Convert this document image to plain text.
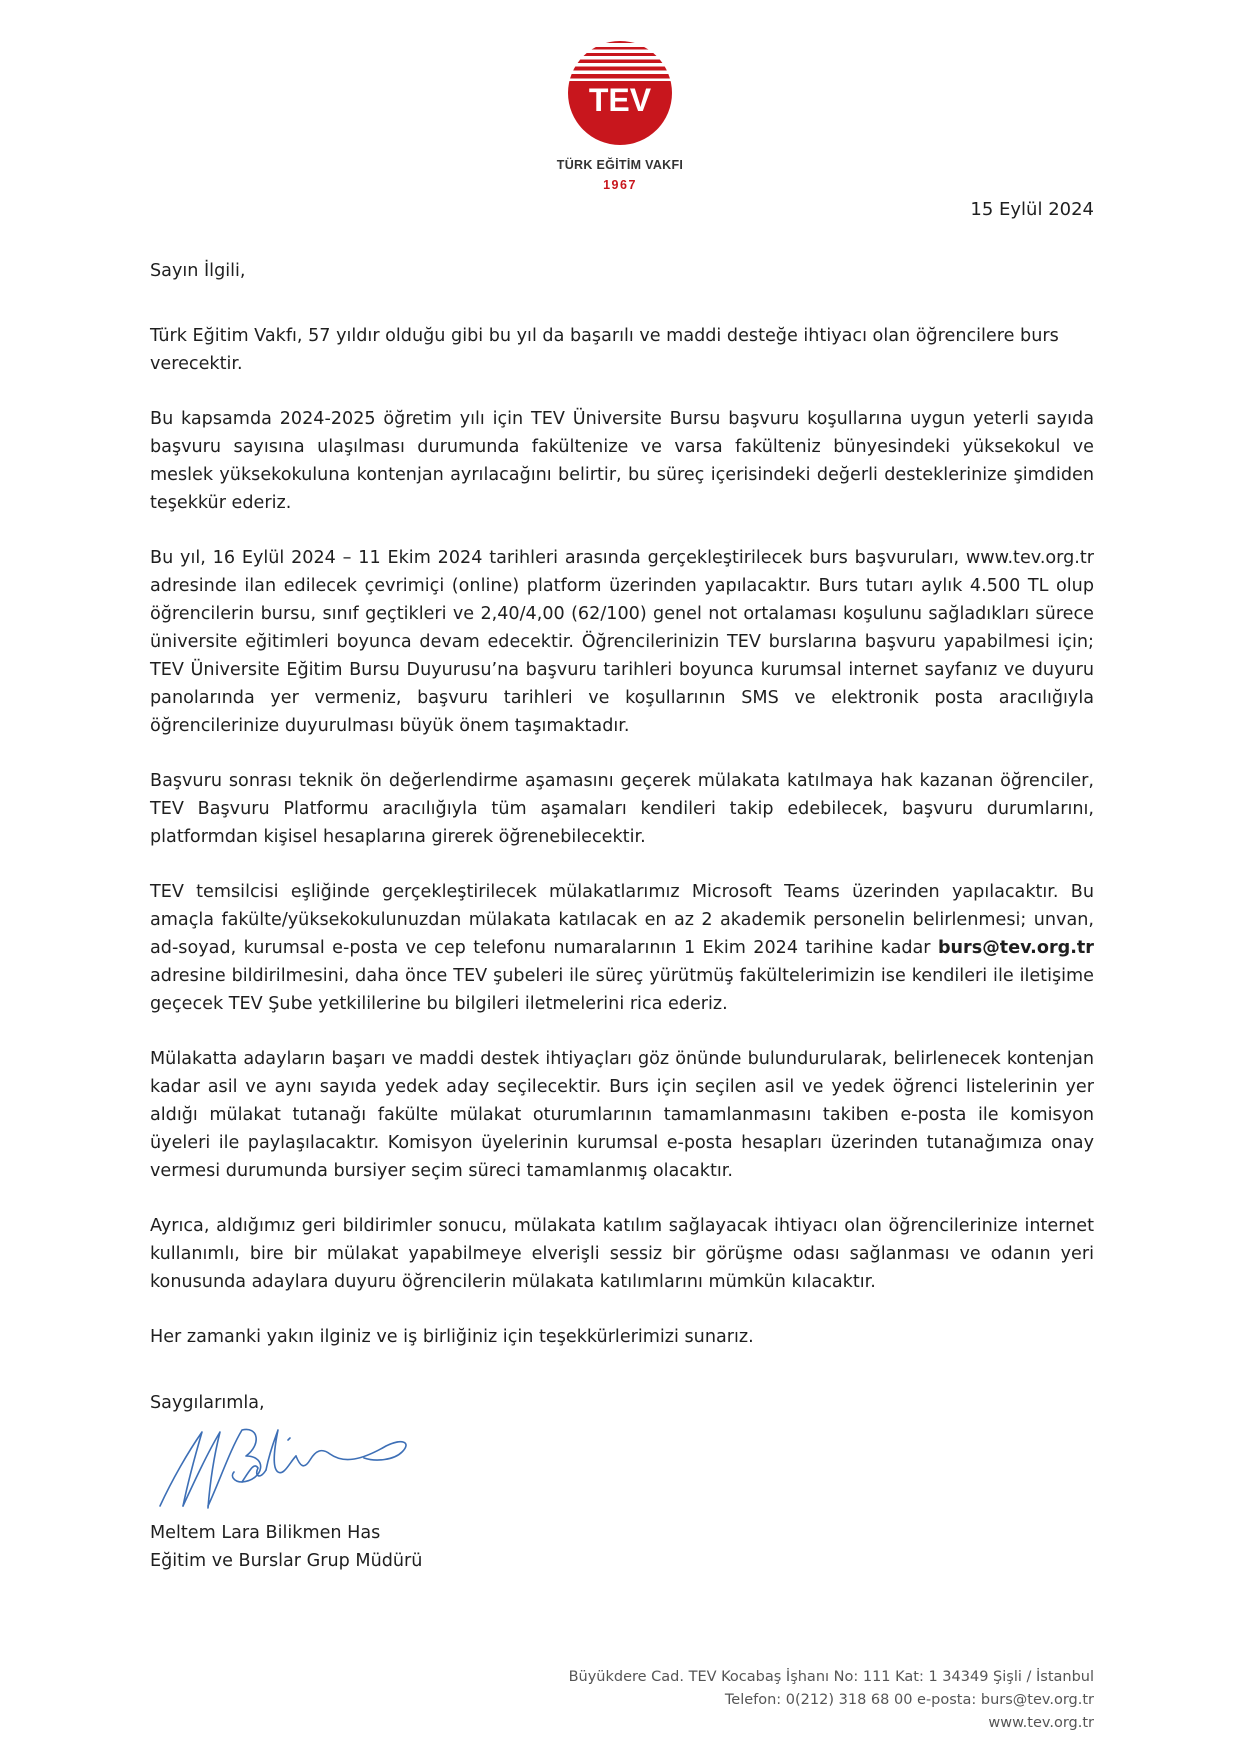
TEV
TÜRK EĞİTİM VAKFI
1967
15 Eylül 2024

Sayın İlgili,

Türk Eğitim Vakfı, 57 yıldır olduğu gibi bu yıl da başarılı ve maddi desteğe ihtiyacı olan öğrencilere burs verecektir.

Bu kapsamda 2024-2025 öğretim yılı için TEV Üniversite Bursu başvuru koşullarına uygun yeterli sayıda başvuru sayısına ulaşılması durumunda fakültenize ve varsa fakülteniz bünyesindeki yüksekokul ve meslek yüksekokuluna kontenjan ayrılacağını belirtir, bu süreç içerisindeki değerli desteklerinize şimdiden teşekkür ederiz.

Bu yıl, 16 Eylül 2024 – 11 Ekim 2024 tarihleri arasında gerçekleştirilecek burs başvuruları, www.tev.org.tr adresinde ilan edilecek çevrimiçi (online) platform üzerinden yapılacaktır. Burs tutarı aylık 4.500 TL olup öğrencilerin bursu, sınıf geçtikleri ve 2,40/4,00 (62/100) genel not ortalaması koşulunu sağladıkları sürece üniversite eğitimleri boyunca devam edecektir. Öğrencilerinizin TEV burslarına başvuru yapabilmesi için; TEV Üniversite Eğitim Bursu Duyurusu’na başvuru tarihleri boyunca kurumsal internet sayfanız ve duyuru panolarında yer vermeniz, başvuru tarihleri ve koşullarının SMS ve elektronik posta aracılığıyla öğrencilerinize duyurulması büyük önem taşımaktadır.

Başvuru sonrası teknik ön değerlendirme aşamasını geçerek mülakata katılmaya hak kazanan öğrenciler, TEV Başvuru Platformu aracılığıyla tüm aşamaları kendileri takip edebilecek, başvuru durumlarını, platformdan kişisel hesaplarına girerek öğrenebilecektir.

TEV temsilcisi eşliğinde gerçekleştirilecek mülakatlarımız Microsoft Teams üzerinden yapılacaktır. Bu amaçla fakülte/yüksekokulunuzdan mülakata katılacak en az 2 akademik personelin belirlenmesi; unvan, ad-soyad, kurumsal e-posta ve cep telefonu numaralarının 1 Ekim 2024 tarihine kadar burs@tev.org.tr adresine bildirilmesini, daha önce TEV şubeleri ile süreç yürütmüş fakültelerimizin ise kendileri ile iletişime geçecek TEV Şube yetkililerine bu bilgileri iletmelerini rica ederiz.

Mülakatta adayların başarı ve maddi destek ihtiyaçları göz önünde bulundurularak, belirlenecek kontenjan kadar asil ve aynı sayıda yedek aday seçilecektir. Burs için seçilen asil ve yedek öğrenci listelerinin yer aldığı mülakat tutanağı fakülte mülakat oturumlarının tamamlanmasını takiben e-posta ile komisyon üyeleri ile paylaşılacaktır. Komisyon üyelerinin kurumsal e-posta hesapları üzerinden tutanağımıza onay vermesi durumunda bursiyer seçim süreci tamamlanmış olacaktır.

Ayrıca, aldığımız geri bildirimler sonucu, mülakata katılım sağlayacak ihtiyacı olan öğrencilerinize internet kullanımlı, bire bir mülakat yapabilmeye elverişli sessiz bir görüşme odası sağlanması ve odanın yeri konusunda adaylara duyuru öğrencilerin mülakata katılımlarını mümkün kılacaktır.

Her zamanki yakın ilginiz ve iş birliğiniz için teşekkürlerimizi sunarız.

Saygılarımla,
Meltem Lara Bilikmen Has
Eğitim ve Burslar Grup Müdürü
Büyükdere Cad. TEV Kocabaş İşhanı No: 111 Kat: 1 34349 Şişli / İstanbul
Telefon: 0(212) 318 68 00 e-posta: burs@tev.org.tr
www.tev.org.tr
